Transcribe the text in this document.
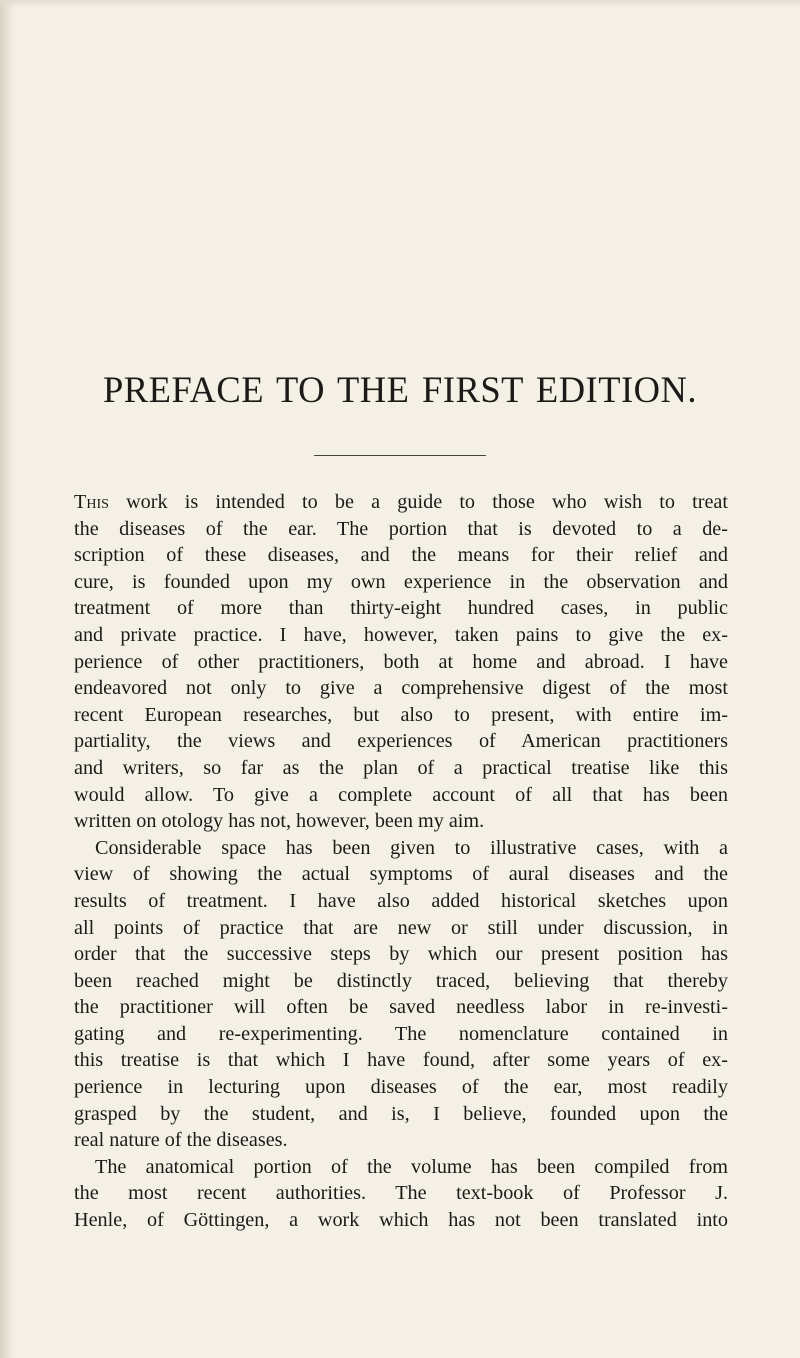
PREFACE TO THE FIRST EDITION.
This work is intended to be a guide to those who wish to treat
the diseases of the ear. The portion that is devoted to a de-
scription of these diseases, and the means for their relief and
cure, is founded upon my own experience in the observation and
treatment of more than thirty-eight hundred cases, in public
and private practice. I have, however, taken pains to give the ex-
perience of other practitioners, both at home and abroad. I have
endeavored not only to give a comprehensive digest of the most
recent European researches, but also to present, with entire im-
partiality, the views and experiences of American practitioners
and writers, so far as the plan of a practical treatise like this
would allow. To give a complete account of all that has been
written on otology has not, however, been my aim.
Considerable space has been given to illustrative cases, with a
view of showing the actual symptoms of aural diseases and the
results of treatment. I have also added historical sketches upon
all points of practice that are new or still under discussion, in
order that the successive steps by which our present position has
been reached might be distinctly traced, believing that thereby
the practitioner will often be saved needless labor in re-investi-
gating and re-experimenting. The nomenclature contained in
this treatise is that which I have found, after some years of ex-
perience in lecturing upon diseases of the ear, most readily
grasped by the student, and is, I believe, founded upon the
real nature of the diseases.
The anatomical portion of the volume has been compiled from
the most recent authorities. The text-book of Professor J.
Henle, of Göttingen, a work which has not been translated into
